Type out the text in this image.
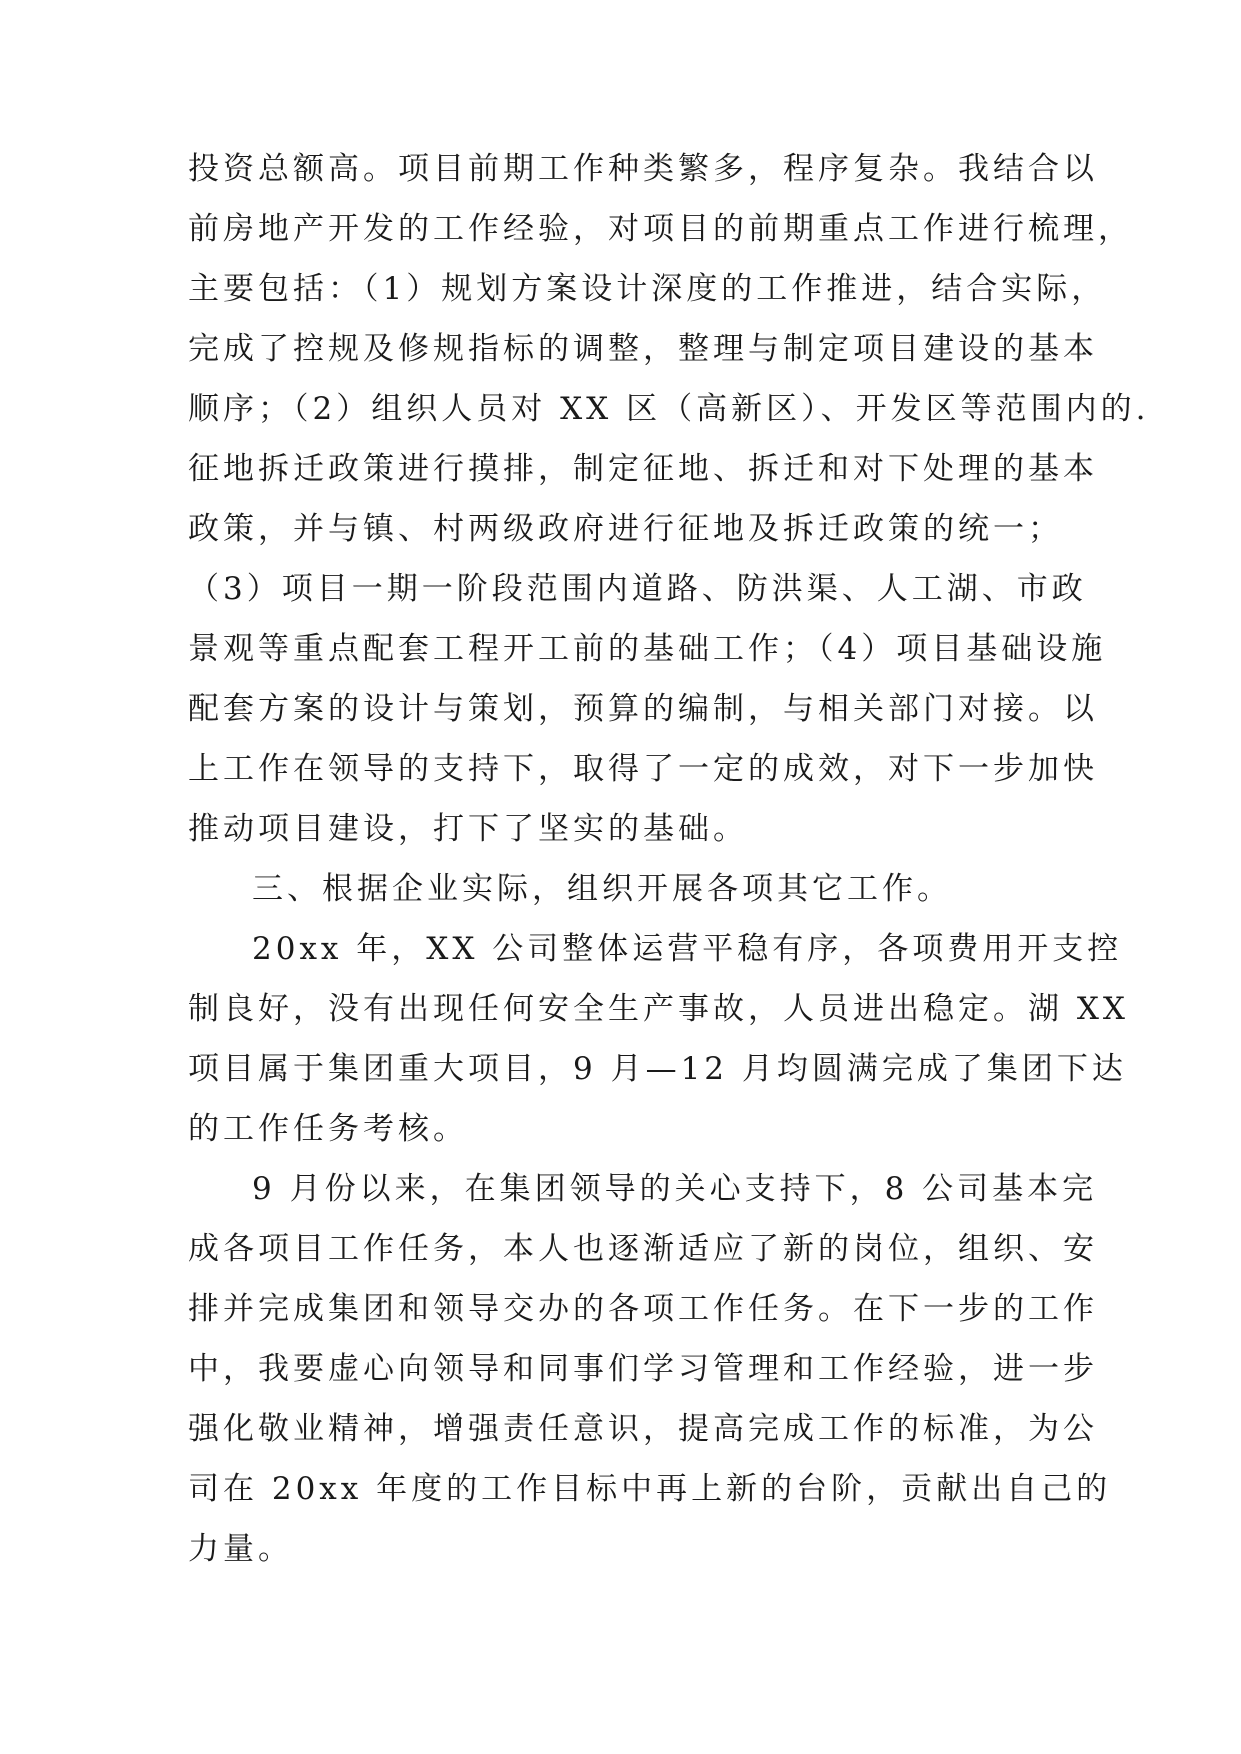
投资总额高。项目前期工作种类繁多，程序复杂。我结合以
前房地产开发的工作经验，对项目的前期重点工作进行梳理，
主要包括：（1）规划方案设计深度的工作推进，结合实际，
完成了控规及修规指标的调整，整理与制定项目建设的基本
顺序；（2）组织人员对 XX 区（高新区）、开发区等范围内的.
征地拆迁政策进行摸排，制定征地、拆迁和对下处理的基本
政策，并与镇、村两级政府进行征地及拆迁政策的统一；
（3）项目一期一阶段范围内道路、防洪渠、人工湖、市政
景观等重点配套工程开工前的基础工作；（4）项目基础设施
配套方案的设计与策划，预算的编制，与相关部门对接。以
上工作在领导的支持下，取得了一定的成效，对下一步加快
推动项目建设，打下了坚实的基础。
三、根据企业实际，组织开展各项其它工作。
20xx 年，XX 公司整体运营平稳有序，各项费用开支控
制良好，没有出现任何安全生产事故，人员进出稳定。湖 XX
项目属于集团重大项目，9 月—12 月均圆满完成了集团下达
的工作任务考核。
9 月份以来，在集团领导的关心支持下，8 公司基本完
成各项目工作任务，本人也逐渐适应了新的岗位，组织、安
排并完成集团和领导交办的各项工作任务。在下一步的工作
中，我要虚心向领导和同事们学习管理和工作经验，进一步
强化敬业精神，增强责任意识，提高完成工作的标准，为公
司在 20xx 年度的工作目标中再上新的台阶，贡献出自己的
力量。
